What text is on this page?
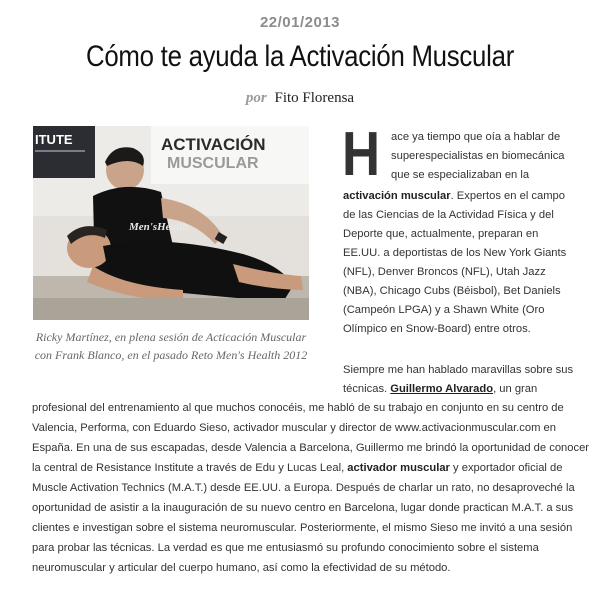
22/01/2013
Cómo te ayuda la Activación Muscular
por Fito Florensa
ITUTE	ACTIVACIÓN
MUSCULAR
Men'sHealth

Ricky Martínez, en plena sesión de Acticación Muscular con Frank Blanco, en el pasado Reto Men's Health 2012

H ace ya tiempo que oía a hablar de

superespecialistas en biomecánica

que se especializaban en la

activación muscular. Expertos en el campo

de las Ciencias de la Actividad Física y del

Deporte que, actualmente, preparan en

EE.UU. a deportistas de los New York Giants

(NFL), Denver Broncos (NFL), Utah Jazz

(NBA), Chicago Cubs (Béisbol), Bet Daniels

(Campeón LPGA) y a Shawn White (Oro

Olímpico en Snow-Board) entre otros.

Siempre me han hablado maravillas sobre sus

técnicas. Guillermo Alvarado, un gran

profesional del entrenamiento al que muchos conocéis, me habló de su trabajo en conjunto en su centro de

Valencia, Performa, con Eduardo Sieso, activador muscular y director de www.activacionmuscular.com en

España. En una de sus escapadas, desde Valencia a Barcelona, Guillermo me brindó la oportunidad de conocer

la central de Resistance Institute a través de Edu y Lucas Leal, activador muscular y exportador oficial de

Muscle Activation Technics (M.A.T.) desde EE.UU. a Europa. Después de charlar un rato, no desaproveché la

oportunidad de asistir a la inauguración de su nuevo centro en Barcelona, lugar donde practican M.A.T. a sus

clientes e investigan sobre el sistema neuromuscular. Posteriormente, el mismo Sieso me invitó a una sesión

para probar las técnicas. La verdad es que me entusiasmó su profundo conocimiento sobre el sistema

neuromuscular y articular del cuerpo humano, así como la efectividad de su método.
